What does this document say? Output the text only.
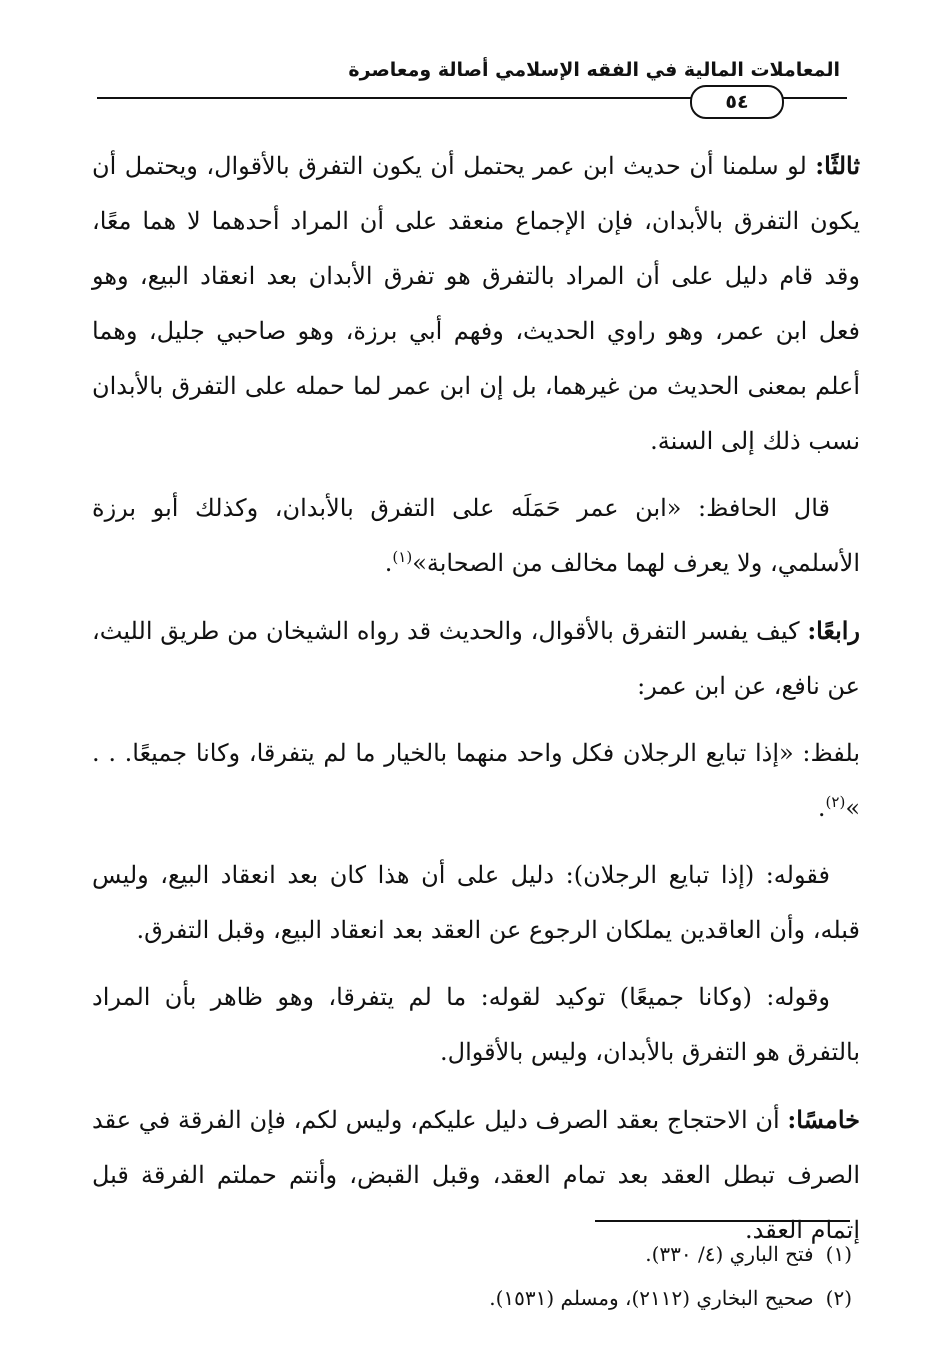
المعاملات المالية في الفقه الإسلامي أصالة ومعاصرة
٥٤

ثالثًا: لو سلمنا أن حديث ابن عمر يحتمل أن يكون التفرق بالأقوال، ويحتمل أن يكون التفرق بالأبدان، فإن الإجماع منعقد على أن المراد أحدهما لا هما معًا، وقد قام دليل على أن المراد بالتفرق هو تفرق الأبدان بعد انعقاد البيع، وهو فعل ابن عمر، وهو راوي الحديث، وفهم أبي برزة، وهو صاحبي جليل، وهما أعلم بمعنى الحديث من غيرهما، بل إن ابن عمر لما حمله على التفرق بالأبدان نسب ذلك إلى السنة.

قال الحافظ: «ابن عمر حَمَلَه على التفرق بالأبدان، وكذلك أبو برزة الأسلمي، ولا يعرف لهما مخالف من الصحابة»$^{(١)}$.

رابعًا: كيف يفسر التفرق بالأقوال، والحديث قد رواه الشيخان من طريق الليث، عن نافع، عن ابن عمر:

بلفظ: «إذا تبايع الرجلان فكل واحد منهما بالخيار ما لم يتفرقا، وكانا جميعًا. . . »$^{(٢)}$.

فقوله: (إذا تبايع الرجلان): دليل على أن هذا كان بعد انعقاد البيع، وليس قبله، وأن العاقدين يملكان الرجوع عن العقد بعد انعقاد البيع، وقبل التفرق.

وقوله: (وكانا جميعًا) توكيد لقوله: ما لم يتفرقا، وهو ظاهر بأن المراد بالتفرق هو التفرق بالأبدان، وليس بالأقوال.

خامسًا: أن الاحتجاج بعقد الصرف دليل عليكم، وليس لكم، فإن الفرقة في عقد الصرف تبطل العقد بعد تمام العقد، وقبل القبض، وأنتم حملتم الفرقة قبل إتمام العقد.

(١)فتح الباري (٤/ ٣٣٠).

(٢)صحيح البخاري (٢١١٢)، ومسلم (١٥٣١).
